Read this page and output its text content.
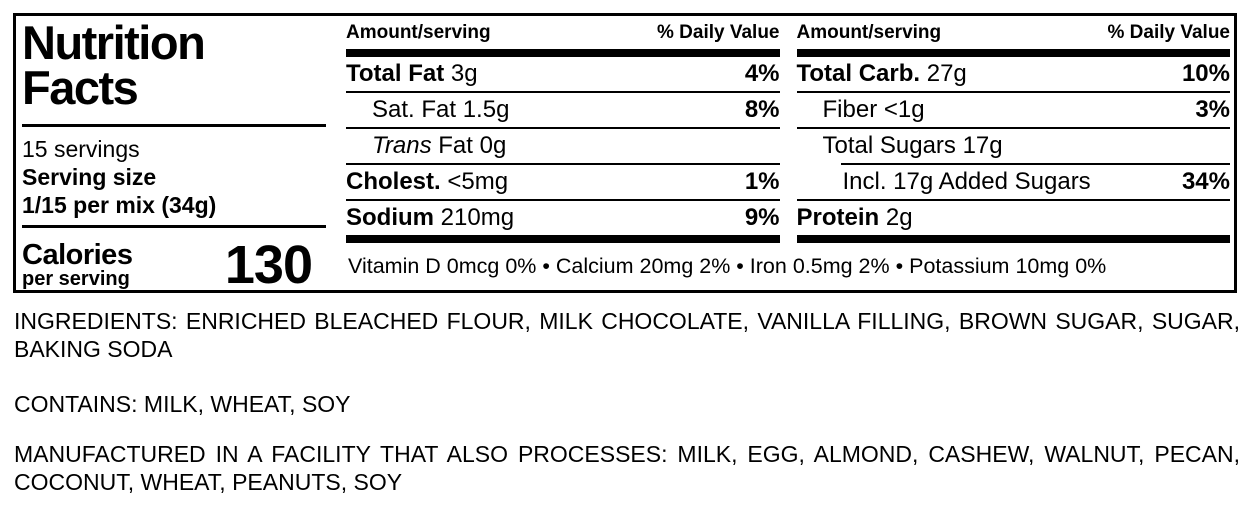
Nutrition
Facts
15 servings
Serving size
1/15 per mix (34g)
Calories
per serving 130
Amount/serving	% Daily Value
Total Fat 3g	4%
Sat. Fat 1.5g	8%
Trans Fat 0g
Cholest. <5mg	1%
Sodium 210mg	9%
Amount/serving	% Daily Value
Total Carb. 27g	10%
Fiber <1g	3%
Total Sugars 17g
Incl. 17g Added Sugars	34%
Protein 2g
Vitamin D 0mcg 0% • Calcium 20mg 2% • Iron 0.5mg 2% • Potassium 10mg 0%

INGREDIENTS: ENRICHED BLEACHED FLOUR, MILK CHOCOLATE, VANILLA FILLING, BROWN SUGAR, SUGAR, BAKING SODA

CONTAINS: MILK, WHEAT, SOY

MANUFACTURED IN A FACILITY THAT ALSO PROCESSES: MILK, EGG, ALMOND, CASHEW, WALNUT, PECAN, COCONUT, WHEAT, PEANUTS, SOY
